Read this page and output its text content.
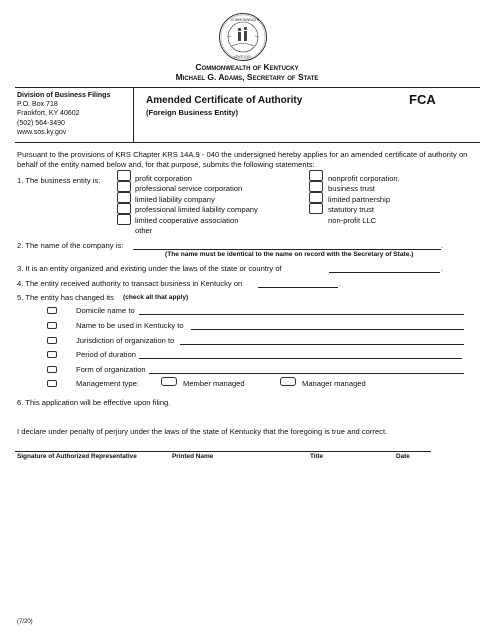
COMMONWEALTH
KENTUCKY
Commonwealth of Kentucky
Division of Business Filings
P.O. Box 718
Frankfort, KY 40602
(502) 564-3490
www.sos.ky.gov
Amended Certificate of Authority
(Foreign Business Entity)
FCA
Pursuant to the provisions of KRS Chapter KRS 14A.9 - 040 the undersigned hereby applies for an amended certificate of authority on behalf of the entity named below and, for that purpose, submits the following statements:
1. The business entity is:	profit corporation
professional service corporation
limited liability company
professional limited liability company
limited cooperative association
other
nonprofit corporation.
business trust
limited partnership
statutory trust
non-profit LLC
2. The name of the company is:	.
(The name must be identical to the name on record with the Secretary of State.)
3. It is an entity organized and existing under the laws of the state or country of	.
4. The entity received authority to transact business in Kentucky on	.
5. The entity has changed its (check all that apply)
Domicile name to
Name to be used in Kentucky to
Jurisdiction of organization to
Period of duration
Form of organization
Management type:	Member managed	Manager managed
6. This application will be effective upon filing.
I declare under penalty of perjury under the laws of the state of Kentucky that the foregoing is true and correct.
Signature of Authorized Representative	Printed Name	Title	Date
(7/20)
Michael G. Adams, Secretary of State
